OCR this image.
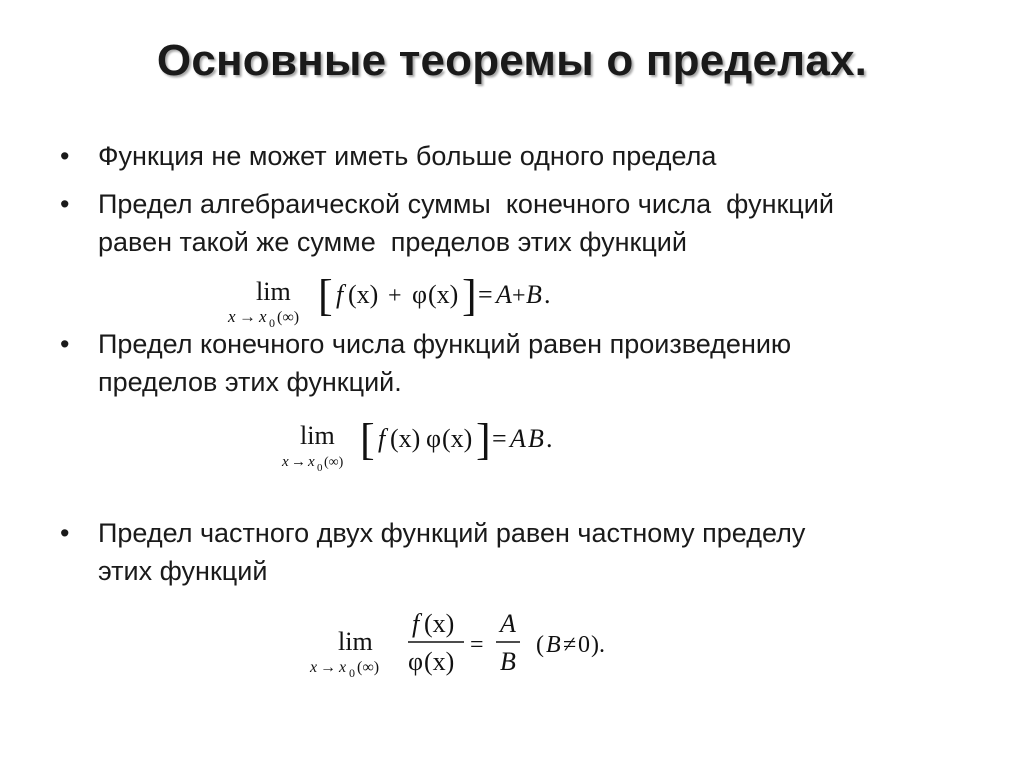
Основные теоремы о пределах.
•	Функция не может иметь больше одного предела
•	Предел алгебраической суммы  конечного числа  функций
равен такой же сумме  пределов этих функций
lim
x → x 0 (∞) [ f (x) + φ (x) ] = A + B .
•	Предел конечного числа функций равен произведению
пределов этих функций.
lim
x → x 0 (∞) [ f (x) φ (x) ] = A B .
•	Предел частного двух функций равен частному пределу
этих функций
lim
x → x 0 (∞)
f (x)
φ (x)
=
A
B
( B ≠ 0 ) .
